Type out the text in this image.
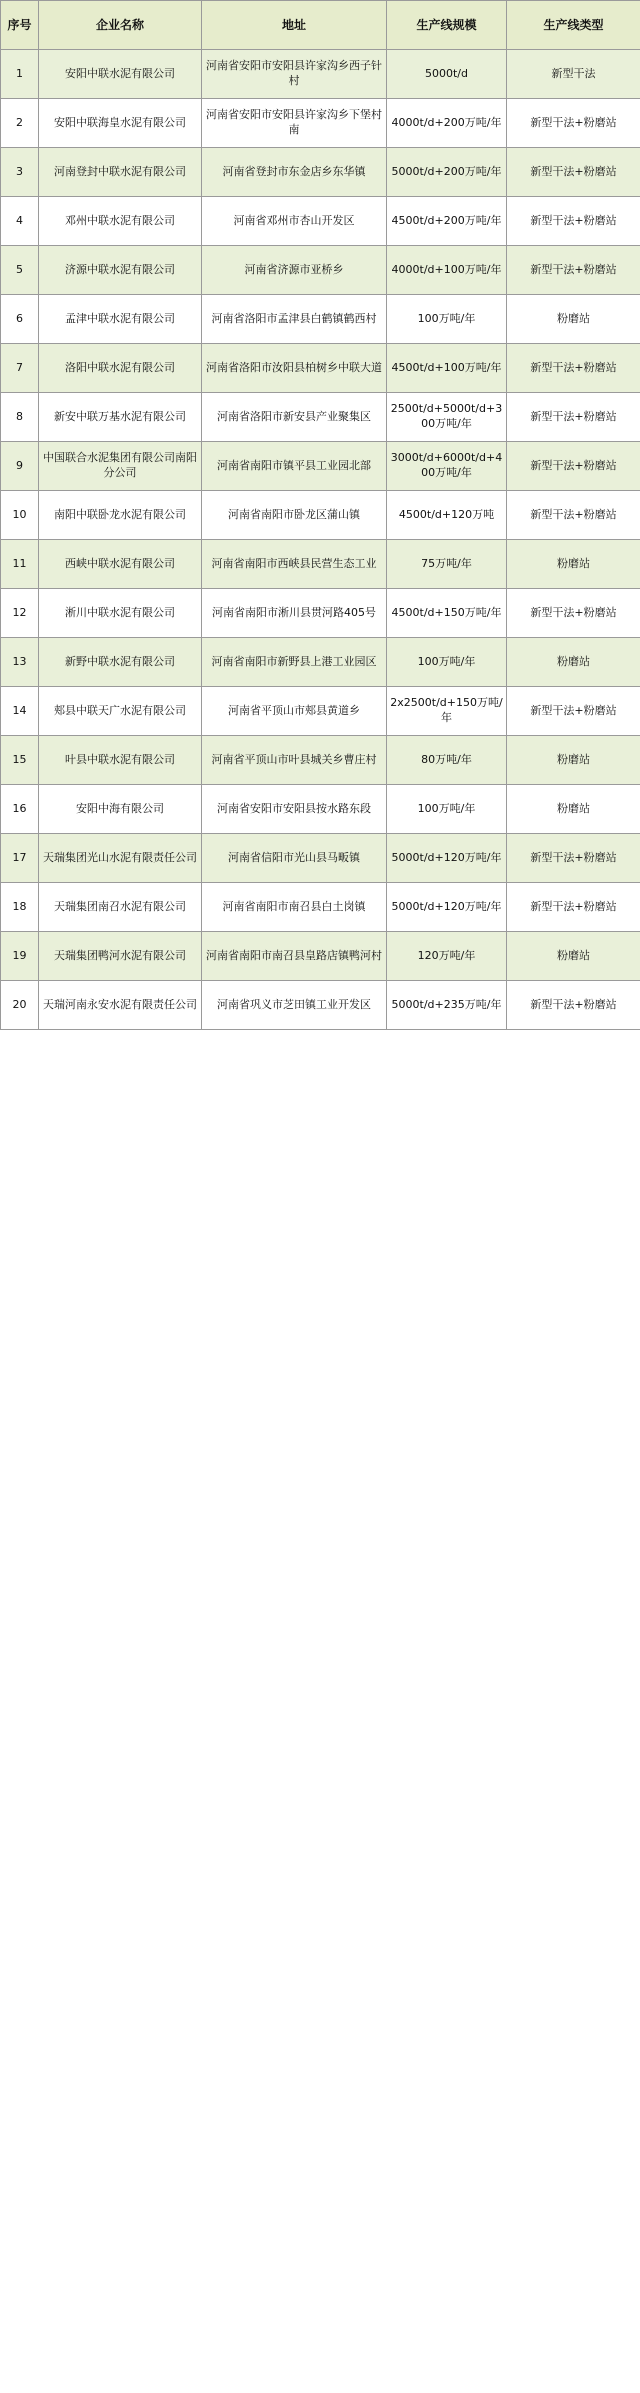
序号	企业名称	地址	生产线规模	生产线类型
1	安阳中联水泥有限公司	河南省安阳市安阳县许家沟乡西子针村	5000t/d	新型干法
2	安阳中联海皇水泥有限公司	河南省安阳市安阳县许家沟乡下堡村南	4000t/d+200万吨/年	新型干法+粉磨站
3	河南登封中联水泥有限公司	河南省登封市东金店乡东华镇	5000t/d+200万吨/年	新型干法+粉磨站
4	邓州中联水泥有限公司	河南省邓州市杏山开发区	4500t/d+200万吨/年	新型干法+粉磨站
5	济源中联水泥有限公司	河南省济源市亚桥乡	4000t/d+100万吨/年	新型干法+粉磨站
6	孟津中联水泥有限公司	河南省洛阳市孟津县白鹤镇鹤西村	100万吨/年	粉磨站
7	洛阳中联水泥有限公司	河南省洛阳市汝阳县柏树乡中联大道	4500t/d+100万吨/年	新型干法+粉磨站
8	新安中联万基水泥有限公司	河南省洛阳市新安县产业聚集区	2500t/d+5000t/d+300万吨/年	新型干法+粉磨站
9	中国联合水泥集团有限公司南阳分公司	河南省南阳市镇平县工业园北部	3000t/d+6000t/d+400万吨/年	新型干法+粉磨站
10	南阳中联卧龙水泥有限公司	河南省南阳市卧龙区蒲山镇	4500t/d+120万吨	新型干法+粉磨站
11	西峡中联水泥有限公司	河南省南阳市西峡县民营生态工业	75万吨/年	粉磨站
12	淅川中联水泥有限公司	河南省南阳市淅川县贯河路405号	4500t/d+150万吨/年	新型干法+粉磨站
13	新野中联水泥有限公司	河南省南阳市新野县上港工业园区	100万吨/年	粉磨站
14	郏县中联天广水泥有限公司	河南省平顶山市郏县黄道乡	2x2500t/d+150万吨/年	新型干法+粉磨站
15	叶县中联水泥有限公司	河南省平顶山市叶县城关乡曹庄村	80万吨/年	粉磨站
16	安阳中海有限公司	河南省安阳市安阳县按水路东段	100万吨/年	粉磨站
17	天瑞集团光山水泥有限责任公司	河南省信阳市光山县马畈镇	5000t/d+120万吨/年	新型干法+粉磨站
18	天瑞集团南召水泥有限公司	河南省南阳市南召县白土岗镇	5000t/d+120万吨/年	新型干法+粉磨站
19	天瑞集团鸭河水泥有限公司	河南省南阳市南召县皇路店镇鸭河村	120万吨/年	粉磨站
20	天瑞河南永安水泥有限责任公司	河南省巩义市芝田镇工业开发区	5000t/d+235万吨/年	新型干法+粉磨站
